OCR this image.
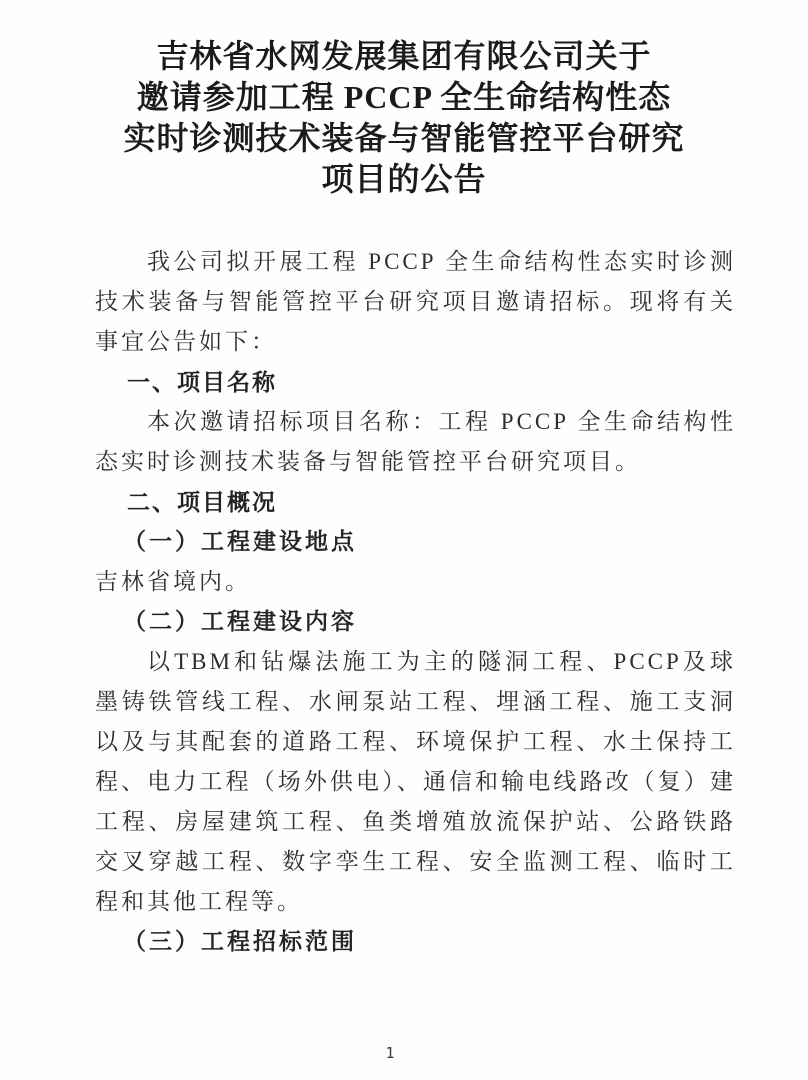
吉林省水网发展集团有限公司关于
邀请参加工程 PCCP 全生命结构性态
实时诊测技术装备与智能管控平台研究
项目的公告

我公司拟开展工程 PCCP 全生命结构性态实时诊测技术装备与智能管控平台研究项目邀请招标。现将有关事宜公告如下：

一、项目名称

本次邀请招标项目名称：工程 PCCP 全生命结构性态实时诊测技术装备与智能管控平台研究项目。

二、项目概况

（一）工程建设地点

吉林省境内。

（二）工程建设内容

以TBM和钻爆法施工为主的隧洞工程、PCCP及球墨铸铁管线工程、水闸泵站工程、埋涵工程、施工支洞以及与其配套的道路工程、环境保护工程、水土保持工程、电力工程（场外供电）、通信和输电线路改（复）建工程、房屋建筑工程、鱼类增殖放流保护站、公路铁路交叉穿越工程、数字孪生工程、安全监测工程、临时工程和其他工程等。

（三）工程招标范围

1
